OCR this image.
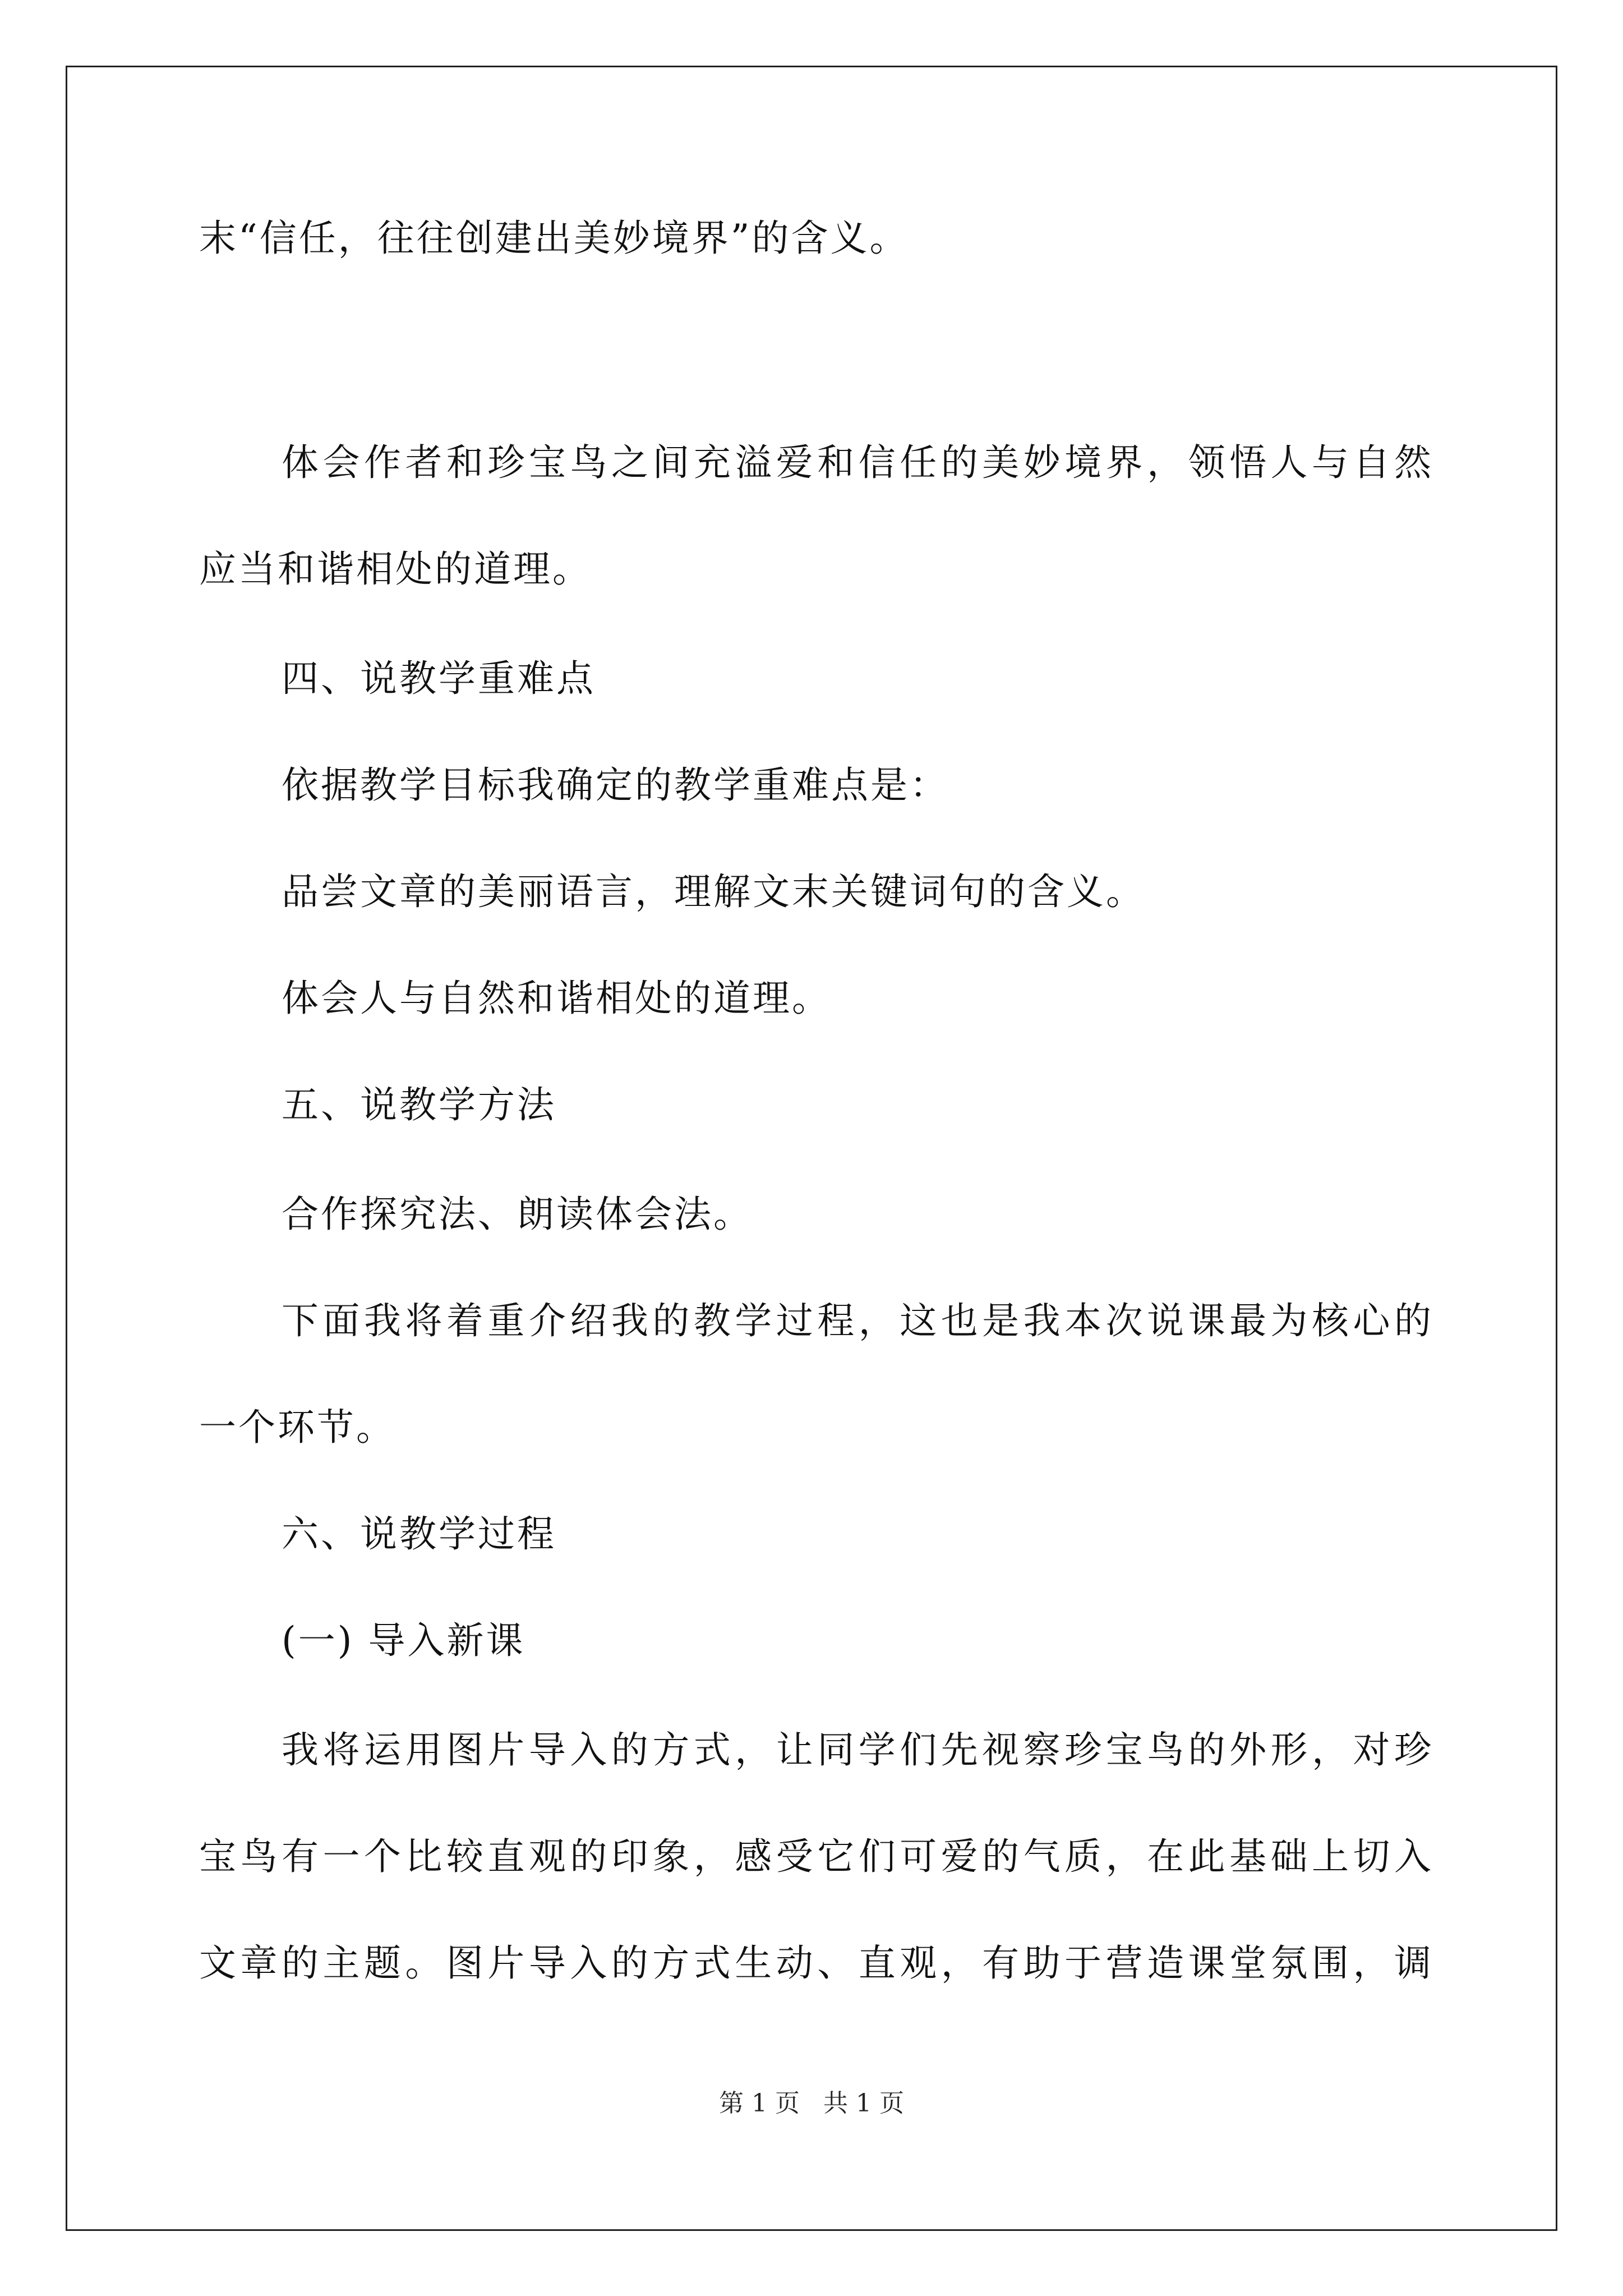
末“信任，往往创建出美妙境界”的含义。
体会作者和珍宝鸟之间充溢爱和信任的美妙境界，领悟人与自然
应当和谐相处的道理。
四、说教学重难点
依据教学目标我确定的教学重难点是：
品尝文章的美丽语言，理解文末关键词句的含义。
体会人与自然和谐相处的道理。
五、说教学方法
合作探究法、朗读体会法。
下面我将着重介绍我的教学过程，这也是我本次说课最为核心的
一个环节。
六、说教学过程
(一) 导入新课
我将运用图片导入的方式，让同学们先视察珍宝鸟的外形，对珍
宝鸟有一个比较直观的印象，感受它们可爱的气质，在此基础上切入
文章的主题。图片导入的方式生动、直观，有助于营造课堂氛围，调
第 1 页   共 1 页
